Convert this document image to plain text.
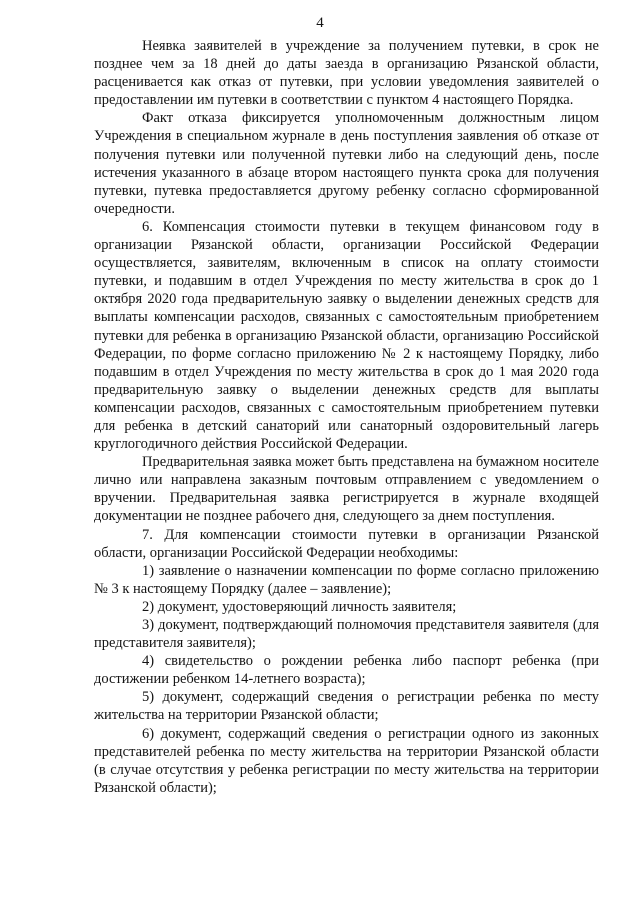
4

Неявка заявителей в учреждение за получением путевки, в срок не позднее чем за 18 дней до даты заезда в организацию Рязанской области, расценивается как отказ от путевки, при условии уведомления заявителей о предоставлении им путевки в соответствии с пунктом 4 настоящего Порядка.

Факт отказа фиксируется уполномоченным должностным лицом Учреждения в специальном журнале в день поступления заявления об отказе от получения путевки или полученной путевки либо на следующий день, после истечения указанного в абзаце втором настоящего пункта срока для получения путевки, путевка предоставляется другому ребенку согласно сформированной очередности.

6. Компенсация стоимости путевки в текущем финансовом году в организации Рязанской области, организации Российской Федерации осуществляется, заявителям, включенным в список на оплату стоимости путевки, и подавшим в отдел Учреждения по месту жительства в срок до 1 октября 2020 года предварительную заявку о выделении денежных средств для выплаты компенсации расходов, связанных с самостоятельным приобретением путевки для ребенка в организацию Рязанской области, организацию Российской Федерации, по форме согласно приложению № 2 к настоящему Порядку, либо подавшим в отдел Учреждения по месту жительства в срок до 1 мая 2020 года предварительную заявку о выделении денежных средств для выплаты компенсации расходов, связанных с самостоятельным приобретением путевки для ребенка в детский санаторий или санаторный оздоровительный лагерь круглогодичного действия Российской Федерации.

Предварительная заявка может быть представлена на бумажном носителе лично или направлена заказным почтовым отправлением с уведомлением о вручении. Предварительная заявка регистрируется в журнале входящей документации не позднее рабочего дня, следующего за днем поступления.

7. Для компенсации стоимости путевки в организации Рязанской области, организации Российской Федерации необходимы:

1) заявление о назначении компенсации по форме согласно приложению № 3 к настоящему Порядку (далее – заявление);

2) документ, удостоверяющий личность заявителя;

3) документ, подтверждающий полномочия представителя заявителя (для представителя заявителя);

4) свидетельство о рождении ребенка либо паспорт ребенка (при достижении ребенком 14-летнего возраста);

5) документ, содержащий сведения о регистрации ребенка по месту жительства на территории Рязанской области;

6) документ, содержащий сведения о регистрации одного из законных представителей ребенка по месту жительства на территории Рязанской области (в случае отсутствия у ребенка регистрации по месту жительства на территории Рязанской области);
